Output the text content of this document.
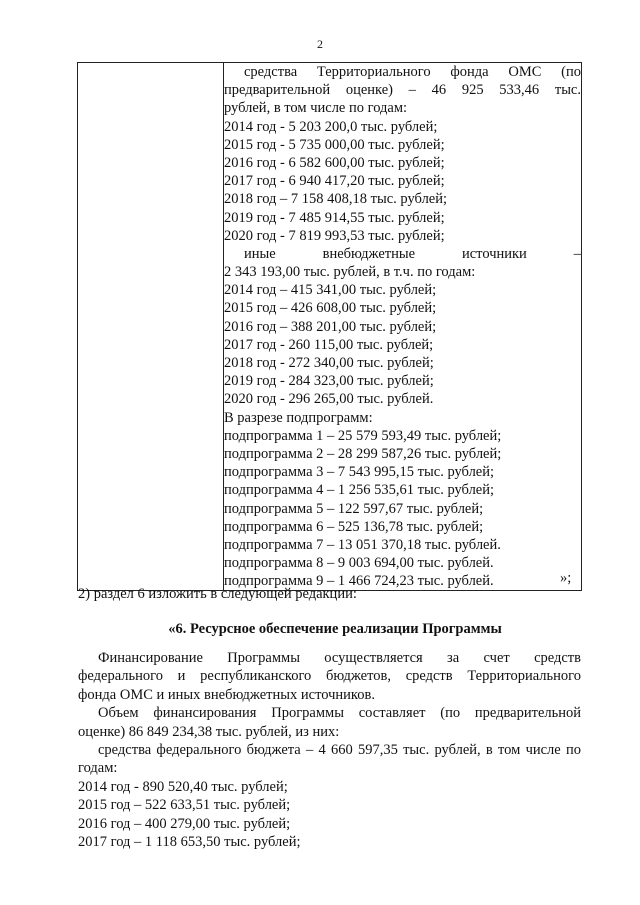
2

средства Территориального фонда ОМС (по
предварительной оценке) – 46 925 533,46 тыс.
рублей, в том числе по годам:
2014 год - 5 203 200,0 тыс. рублей;
2015 год - 5 735 000,00 тыс. рублей;
2016 год - 6 582 600,00 тыс. рублей;
2017 год - 6 940 417,20 тыс. рублей;
2018 год – 7 158 408,18 тыс. рублей;
2019 год - 7 485 914,55 тыс. рублей;
2020 год - 7 819 993,53 тыс. рублей;
иные внебюджетные источники –
2 343 193,00 тыс. рублей, в т.ч. по годам:
2014 год – 415 341,00 тыс. рублей;
2015 год – 426 608,00 тыс. рублей;
2016 год – 388 201,00 тыс. рублей;
2017 год - 260 115,00 тыс. рублей;
2018 год - 272 340,00 тыс. рублей;
2019 год - 284 323,00 тыс. рублей;
2020 год - 296 265,00 тыс. рублей.
В разрезе подпрограмм:
подпрограмма 1 – 25 579 593,49 тыс. рублей;
подпрограмма 2 – 28 299 587,26 тыс. рублей;
подпрограмма 3 – 7 543 995,15 тыс. рублей;
подпрограмма 4 – 1 256 535,61 тыс. рублей;
подпрограмма 5 – 122 597,67 тыс. рублей;
подпрограмма 6 – 525 136,78 тыс. рублей;
подпрограмма 7 – 13 051 370,18 тыс. рублей.
подпрограмма 8 – 9 003 694,00 тыс. рублей.
подпрограмма 9 – 1 466 724,23 тыс. рублей.	»;
2) раздел 6 изложить в следующей редакции:
«6. Ресурсное обеспечение реализации Программы
Финансирование Программы осуществляется за счет средств
федерального и республиканского бюджетов, средств Территориального
фонда ОМС и иных внебюджетных источников.
Объем финансирования Программы составляет (по предварительной
оценке) 86 849 234,38 тыс. рублей, из них:
средства федерального бюджета – 4 660 597,35 тыс. рублей, в том числе по
годам:
2014 год - 890 520,40 тыс. рублей;
2015 год – 522 633,51 тыс. рублей;
2016 год – 400 279,00 тыс. рублей;
2017 год – 1 118 653,50 тыс. рублей;
